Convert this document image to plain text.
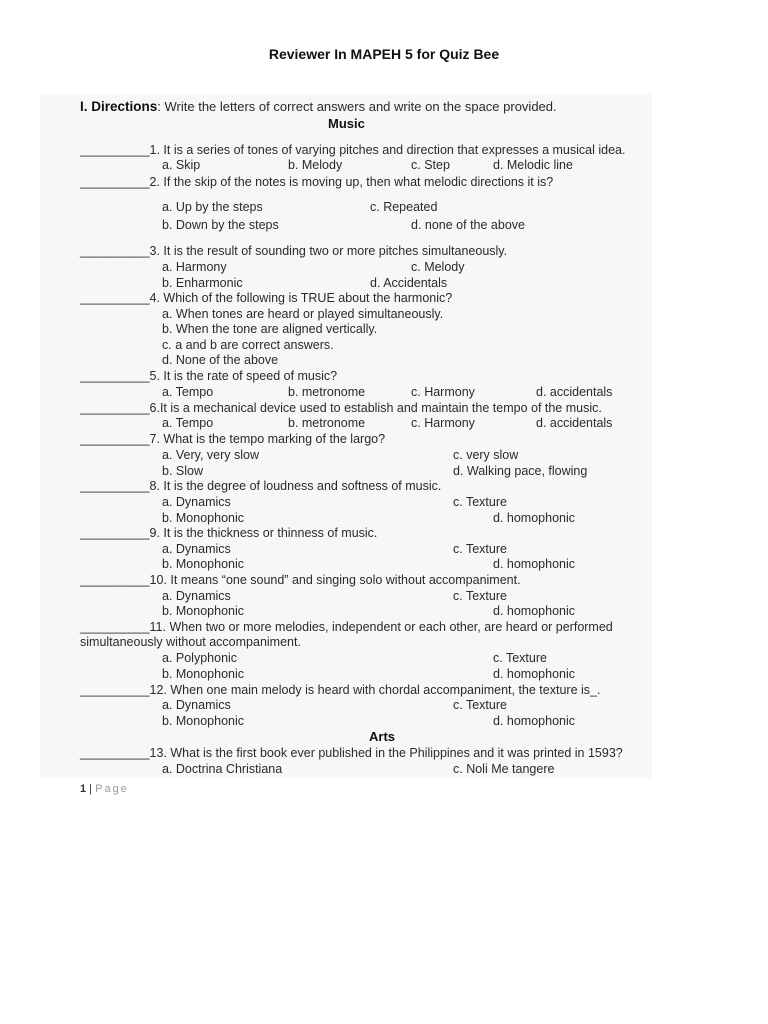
Reviewer In MAPEH 5 for Quiz Bee
I. Directions: Write the letters of correct answers and write on the space provided.
Music
__________1. It is a series of tones of varying pitches and direction that expresses a musical idea.
a. Skip	b. Melody	c. Step	d. Melodic line
__________2. If the skip of the notes is moving up, then what melodic directions it is?
a. Up by the steps	c. Repeated
b. Down by the steps	d. none of the above
__________3. It is the result of sounding two or more pitches simultaneously.
a. Harmony	c. Melody
b. Enharmonic	d. Accidentals
__________4. Which of the following is TRUE about the harmonic?
a. When tones are heard or played simultaneously.
b. When the tone are aligned vertically.
c. a and b are correct answers.
d. None of the above
__________5. It is the rate of speed of music?
a. Tempo	b. metronome	c. Harmony	d. accidentals
__________6.It is a mechanical device used to establish and maintain the tempo of the music.
a. Tempo	b. metronome	c. Harmony	d. accidentals
__________7. What is the tempo marking of the largo?
a. Very, very slow	c. very slow
b. Slow	d. Walking pace, flowing
__________8. It is the degree of loudness and softness of music.
a. Dynamics	c. Texture
b. Monophonic	d. homophonic
__________9. It is the thickness or thinness of music.
a. Dynamics	c. Texture
b. Monophonic	d. homophonic
__________10. It means “one sound” and singing solo without accompaniment.
a. Dynamics	c. Texture
b. Monophonic	d. homophonic
__________11. When two or more melodies, independent or each other, are heard or performed
simultaneously without accompaniment.
a. Polyphonic	c. Texture
b. Monophonic	d. homophonic
__________12. When one main melody is heard with chordal accompaniment, the texture is_.
a. Dynamics	c. Texture
b. Monophonic	d. homophonic
Arts
__________13. What is the first book ever published in the Philippines and it was printed in 1593?
a. Doctrina Christiana	c. Noli Me tangere
1 | Page
